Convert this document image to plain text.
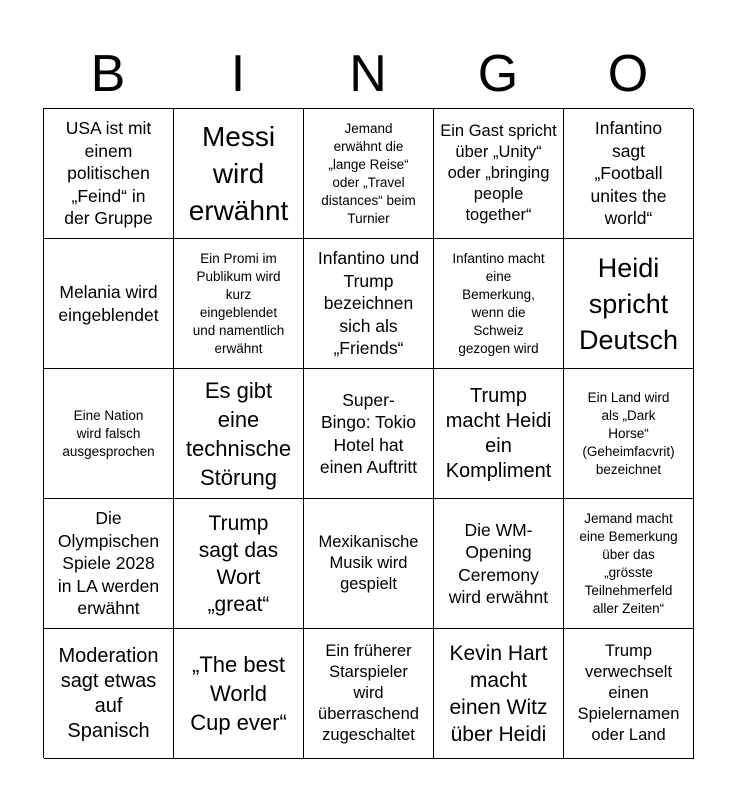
B	I	N	G	O
USA ist mit
einem
politischen
„Feind“ in
der Gruppe
Messi
wird
erwähnt
Jemand
erwähnt die
„lange Reise“
oder „Travel
distances“ beim
Turnier
Ein Gast spricht
über „Unity“
oder „bringing
people
together“
Infantino
sagt
„Football
unites the
world“
Melania wird
eingeblendet
Ein Promi im
Publikum wird
kurz
eingeblendet
und namentlich
erwähnt
Infantino und
Trump
bezeichnen
sich als
„Friends“
Infantino macht
eine
Bemerkung,
wenn die
Schweiz
gezogen wird
Heidi
spricht
Deutsch
Eine Nation
wird falsch
ausgesprochen
Es gibt
eine
technische
Störung
Super-
Bingo: Tokio
Hotel hat
einen Auftritt
Trump
macht Heidi
ein
Kompliment
Ein Land wird
als „Dark
Horse“
(Geheimfacvrit)
bezeichnet
Die
Olympischen
Spiele 2028
in LA werden
erwähnt
Trump
sagt das
Wort
„great“
Mexikanische
Musik wird
gespielt
Die WM-
Opening
Ceremony
wird erwähnt
Jemand macht
eine Bemerkung
über das
„grösste
Teilnehmerfeld
aller Zeiten“
Moderation
sagt etwas
auf
Spanisch
„The best
World
Cup ever“
Ein früherer
Starspieler
wird
überraschend
zugeschaltet
Kevin Hart
macht
einen Witz
über Heidi
Trump
verwechselt
einen
Spielernamen
oder Land
